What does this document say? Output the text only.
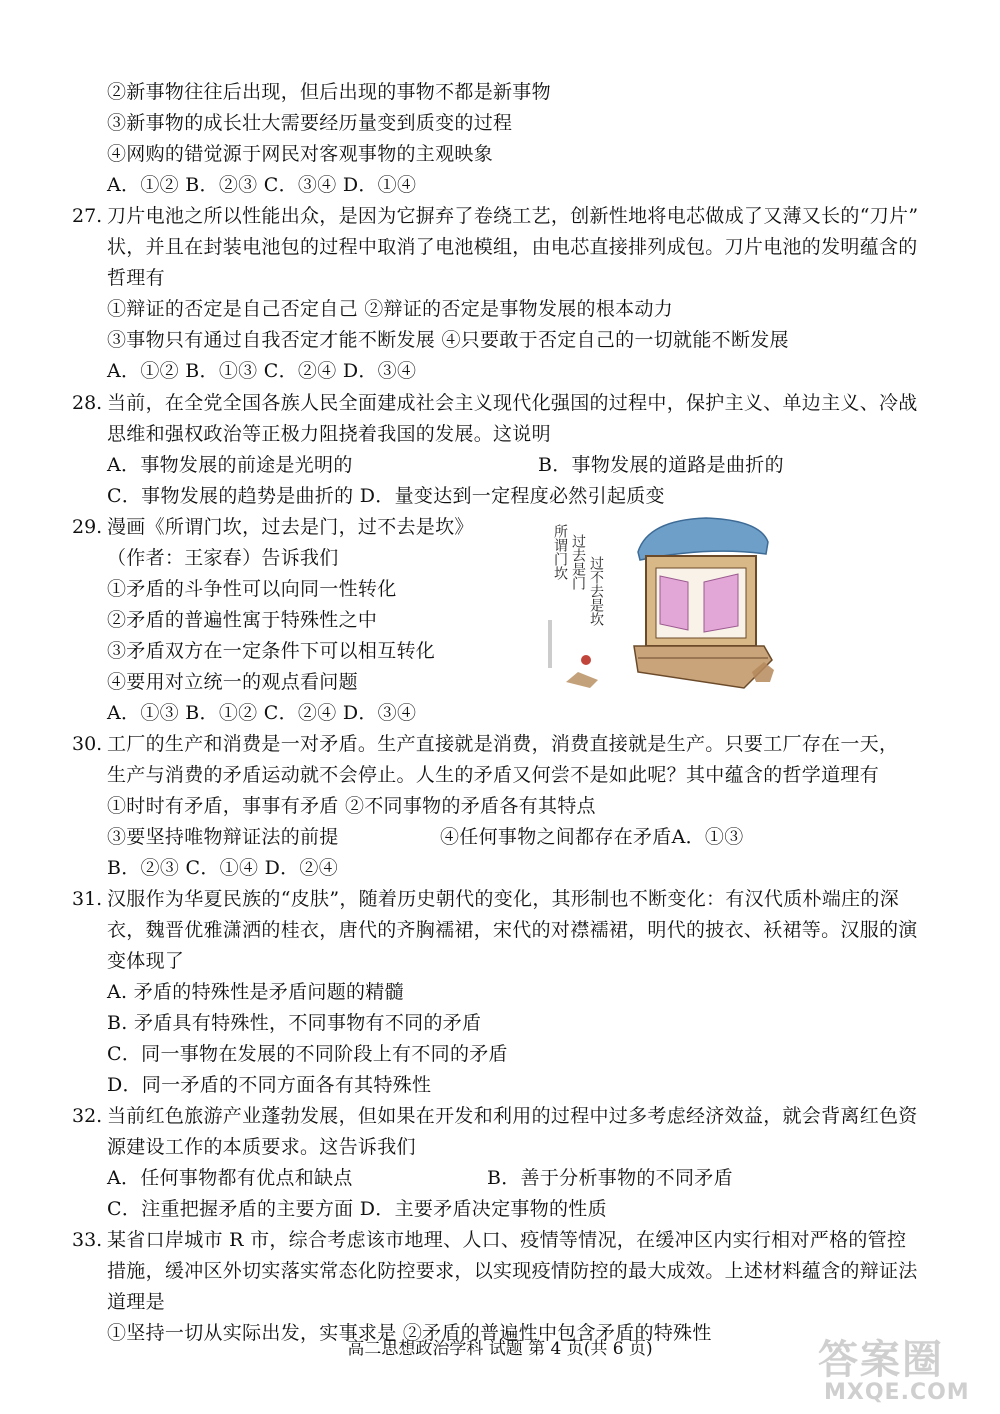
②新事物往往后出现，但后出现的事物不都是新事物
③新事物的成长壮大需要经历量变到质变的过程
④网购的错觉源于网民对客观事物的主观映象
A．①② B．②③ C．③④ D．①④
刀片电池之所以性能出众，是因为它摒弃了卷绕工艺，创新性地将电芯做成了又薄又长的“刀片”
状，并且在封装电池包的过程中取消了电池模组，由电芯直接排列成包。刀片电池的发明蕴含的
哲理有
①辩证的否定是自己否定自己 ②辩证的否定是事物发展的根本动力
③事物只有通过自我否定才能不断发展 ④只要敢于否定自己的一切就能不断发展
A．①② B．①③ C．②④ D．③④
当前，在全党全国各族人民全面建成社会主义现代化强国的过程中，保护主义、单边主义、冷战
思维和强权政治等正极力阻挠着我国的发展。这说明
C．事物发展的趋势是曲折的 D．量变达到一定程度必然引起质变
漫画《所谓门坎，过去是门，过不去是坎》
（作者：王家春）告诉我们
①矛盾的斗争性可以向同一性转化
②矛盾的普遍性寓于特殊性之中
③矛盾双方在一定条件下可以相互转化
④要用对立统一的观点看问题
A．①③ B．①② C．②④ D．③④
工厂的生产和消费是一对矛盾。生产直接就是消费，消费直接就是生产。只要工厂存在一天，
生产与消费的矛盾运动就不会停止。人生的矛盾又何尝不是如此呢？其中蕴含的哲学道理有
①时时有矛盾，事事有矛盾 ②不同事物的矛盾各有其特点
B．②③ C．①④ D．②④
汉服作为华夏民族的“皮肤”，随着历史朝代的变化，其形制也不断变化：有汉代质朴端庄的深
衣，魏晋优雅潇洒的桂衣，唐代的齐胸襦裙，宋代的对襟襦裙，明代的披衣、袄裙等。汉服的演
变体现了
A. 矛盾的特殊性是矛盾问题的精髓
B. 矛盾具有特殊性，不同事物有不同的矛盾
C．同一事物在发展的不同阶段上有不同的矛盾
D．同一矛盾的不同方面各有其特殊性
当前红色旅游产业蓬勃发展，但如果在开发和利用的过程中过多考虑经济效益，就会背离红色资
源建设工作的本质要求。这告诉我们
C．注重把握矛盾的主要方面 D．主要矛盾决定事物的性质
某省口岸城市 R 市，综合考虑该市地理、人口、疫情等情况，在缓冲区内实行相对严格的管控
措施，缓冲区外切实落实常态化防控要求，以实现疫情防控的最大成效。上述材料蕴含的辩证法
道理是
①坚持一切从实际出发，实事求是 ②矛盾的普遍性中包含矛盾的特殊性
27.
28.
29.
30.
31.
32.
33.
A．事物发展的前途是光明的	B．事物发展的道路是曲折的
③要坚持唯物辩证法的前提	④任何事物之间都存在矛盾A．①③
A．任何事物都有优点和缺点	B．善于分析事物的不同矛盾
所谓门坎 过去是门 过不去是坎
高二思想政治学科 试题 第 4 页(共 6 页)	答案圈
MXQE.COM
